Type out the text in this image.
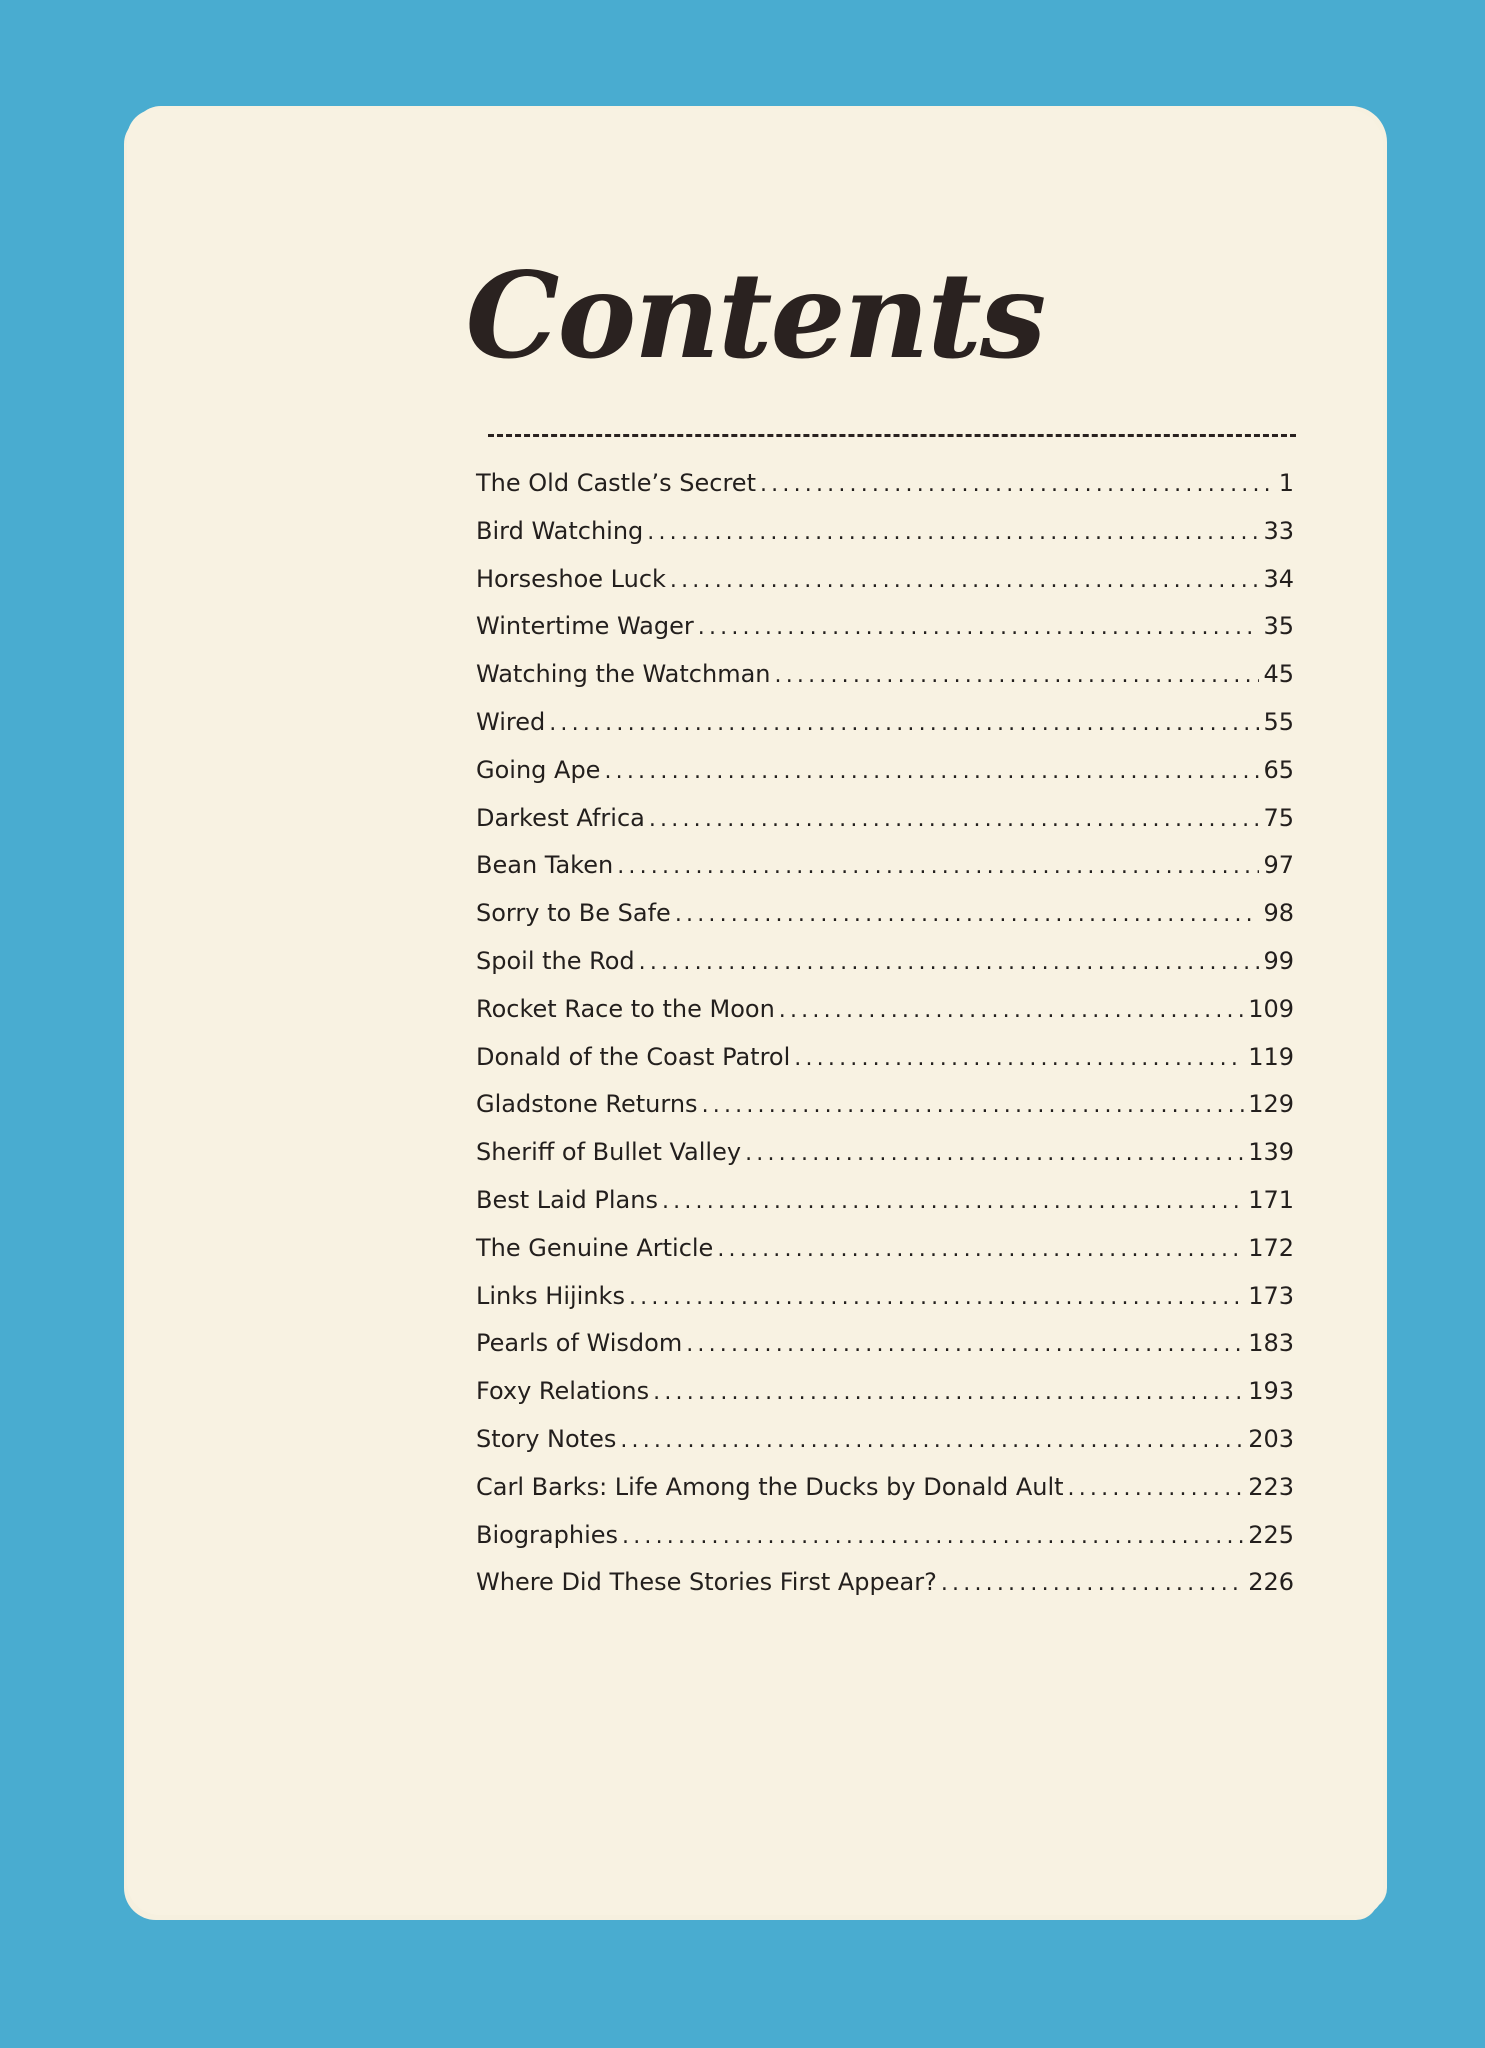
Contents
The Old Castle’s Secret .....	1
Bird Watching .....	33
Horseshoe Luck .....	34
Wintertime Wager .....	35
Watching the Watchman .....	45
Wired .....	55
Going Ape .....	65
Darkest Africa .....	75
Bean Taken .....	97
Sorry to Be Safe .....	98
Spoil the Rod .....	99
Rocket Race to the Moon .....	109
Donald of the Coast Patrol .....	119
Gladstone Returns .....	129
Sheriff of Bullet Valley .....	139
Best Laid Plans .....	171
The Genuine Article .....	172
Links Hijinks .....	173
Pearls of Wisdom .....	183
Foxy Relations .....	193
Story Notes .....	203
Carl Barks: Life Among the Ducks by Donald Ault .....	223
Biographies .....	225
Where Did These Stories First Appear? .....	226
